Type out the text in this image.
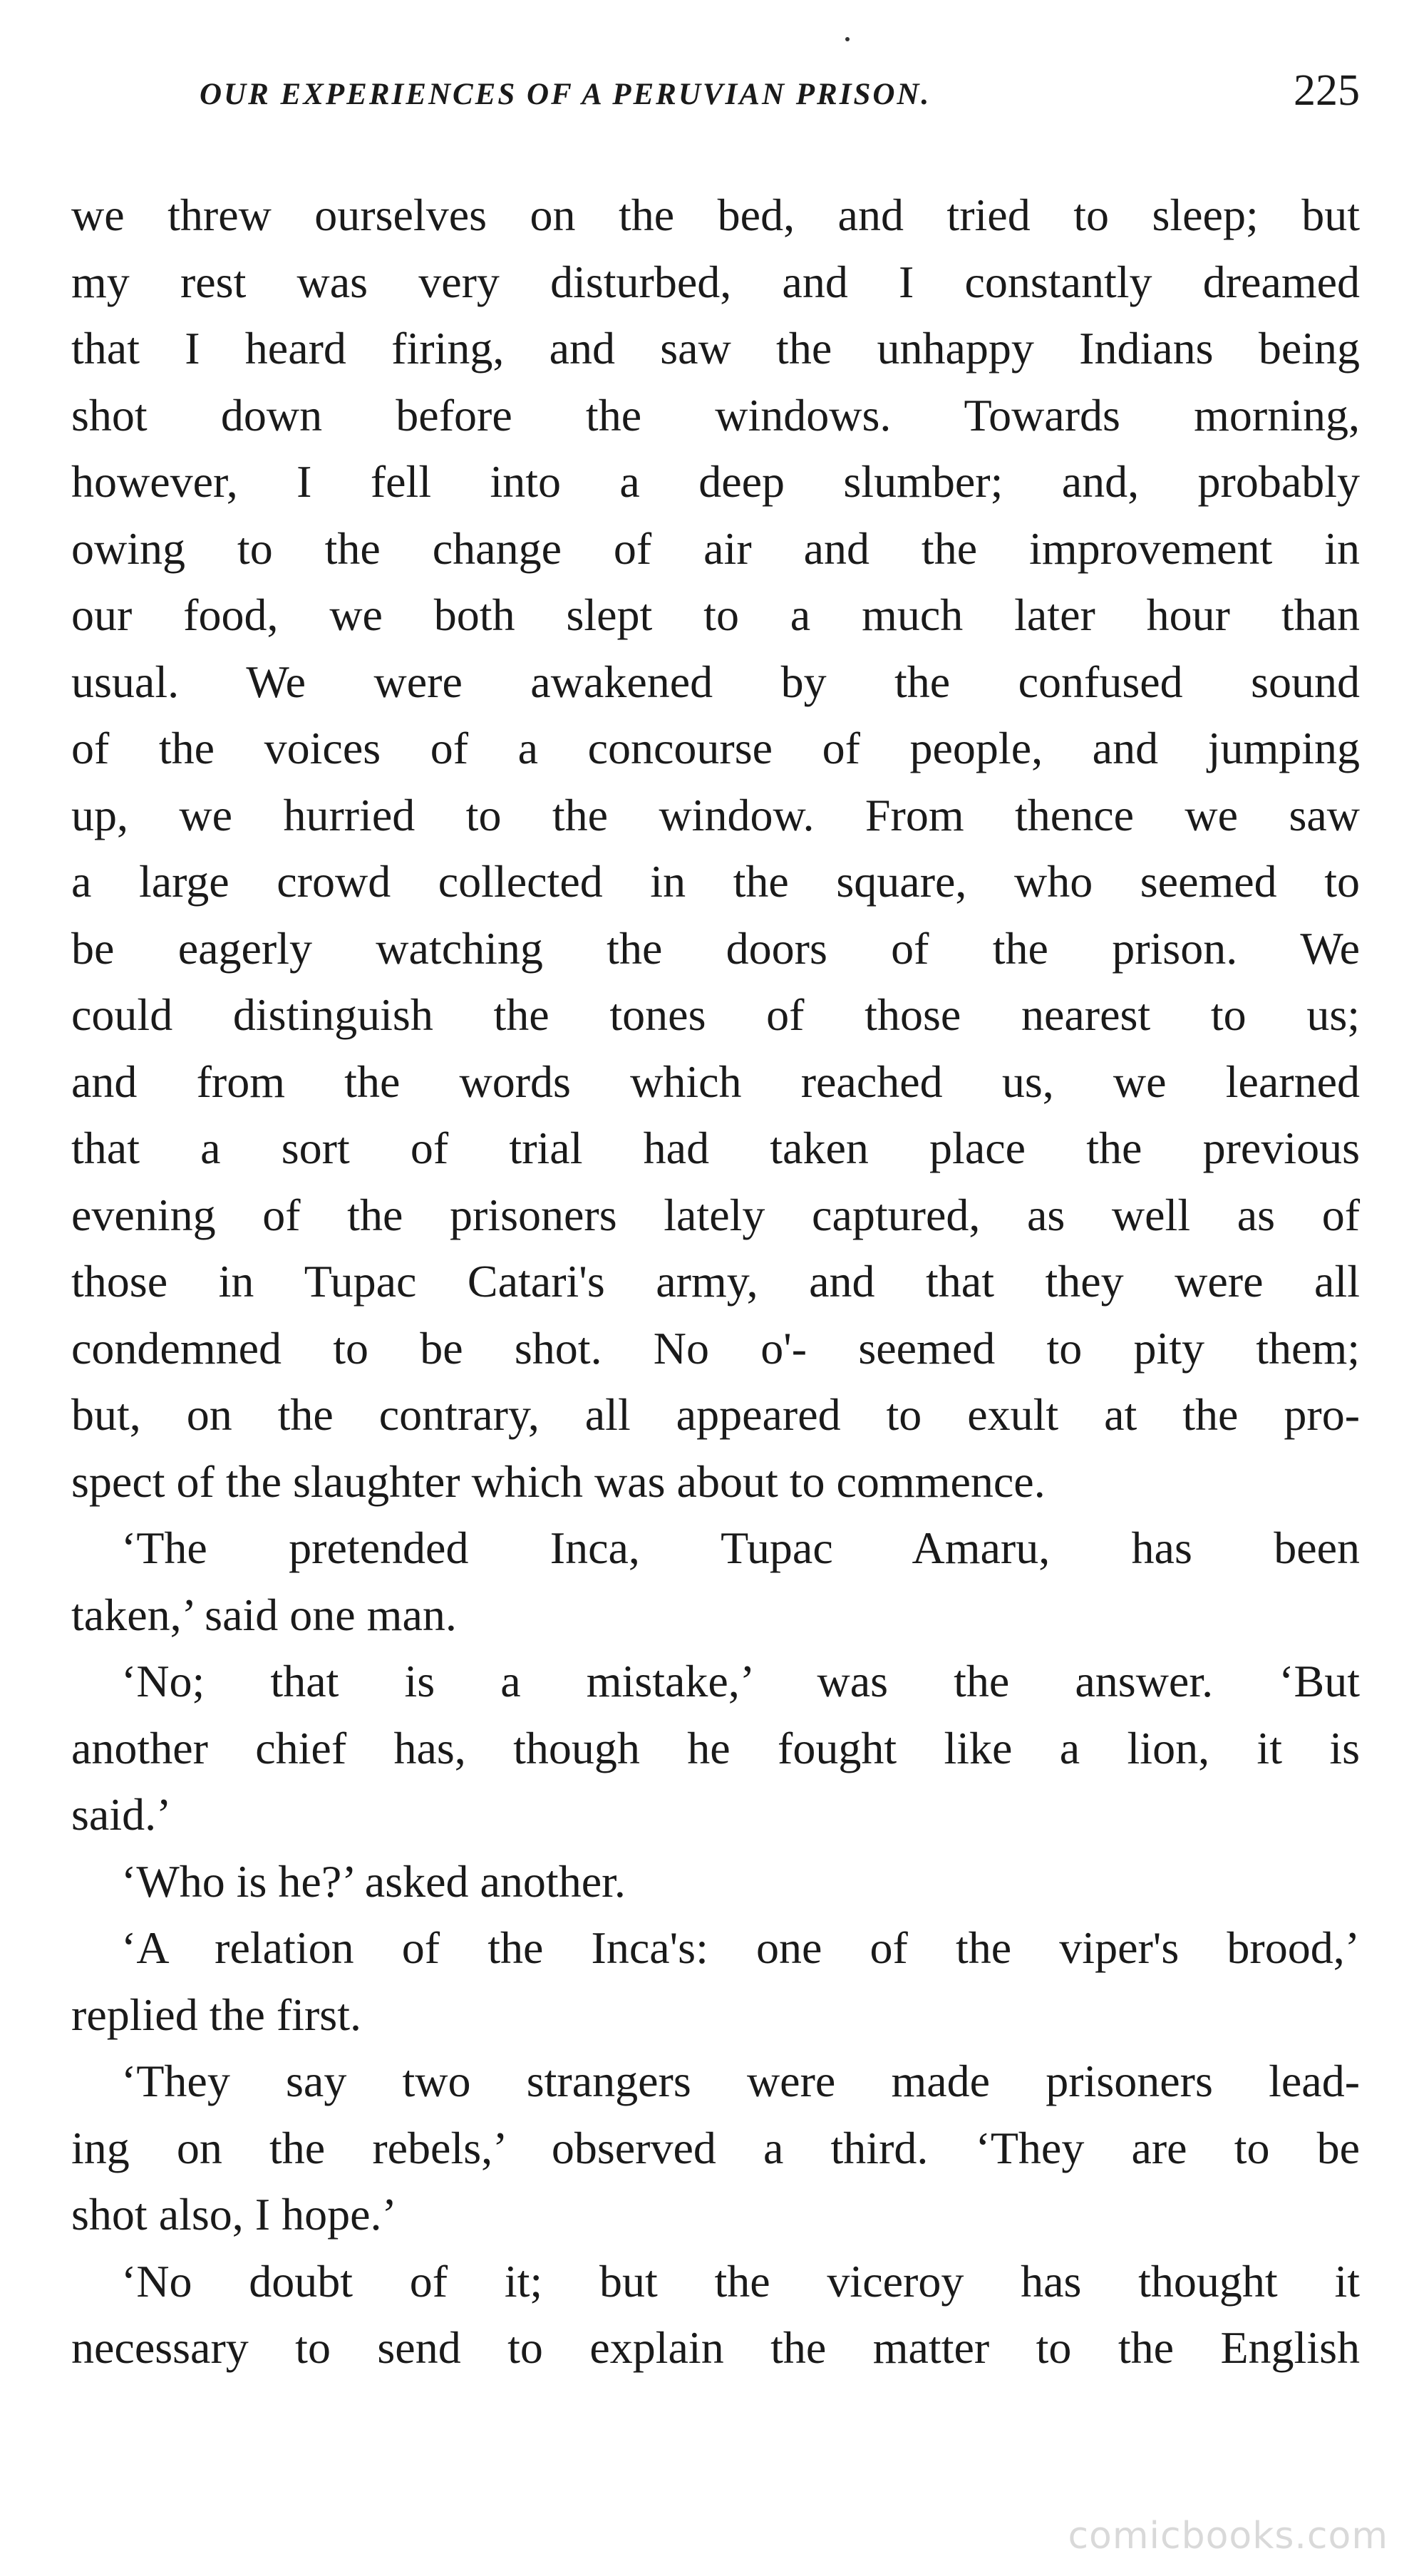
OUR EXPERIENCES OF A PERUVIAN PRISON.	225
we threw ourselves on the bed, and tried to sleep; but
my rest was very disturbed, and I constantly dreamed
that I heard firing, and saw the unhappy Indians being
shot down before the windows. Towards morning,
however, I fell into a deep slumber; and, probably
owing to the change of air and the improvement in
our food, we both slept to a much later hour than
usual. We were awakened by the confused sound
of the voices of a concourse of people, and jumping
up, we hurried to the window. From thence we saw
a large crowd collected in the square, who seemed to
be eagerly watching the doors of the prison. We
could distinguish the tones of those nearest to us;
and from the words which reached us, we learned
that a sort of trial had taken place the previous
evening of the prisoners lately captured, as well as of
those in Tupac Catari's army, and that they were all
condemned to be shot. No o'- seemed to pity them;
but, on the contrary, all appeared to exult at the pro-
spect of the slaughter which was about to commence.
‘The pretended Inca, Tupac Amaru, has been
taken,’ said one man.
‘No; that is a mistake,’ was the answer. ‘But
another chief has, though he fought like a lion, it is
said.’
‘Who is he?’ asked another.
‘A relation of the Inca's: one of the viper's brood,’
replied the first.
‘They say two strangers were made prisoners lead-
ing on the rebels,’ observed a third. ‘They are to be
shot also, I hope.’
‘No doubt of it; but the viceroy has thought it
necessary to send to explain the matter to the English
comicbooks.com
